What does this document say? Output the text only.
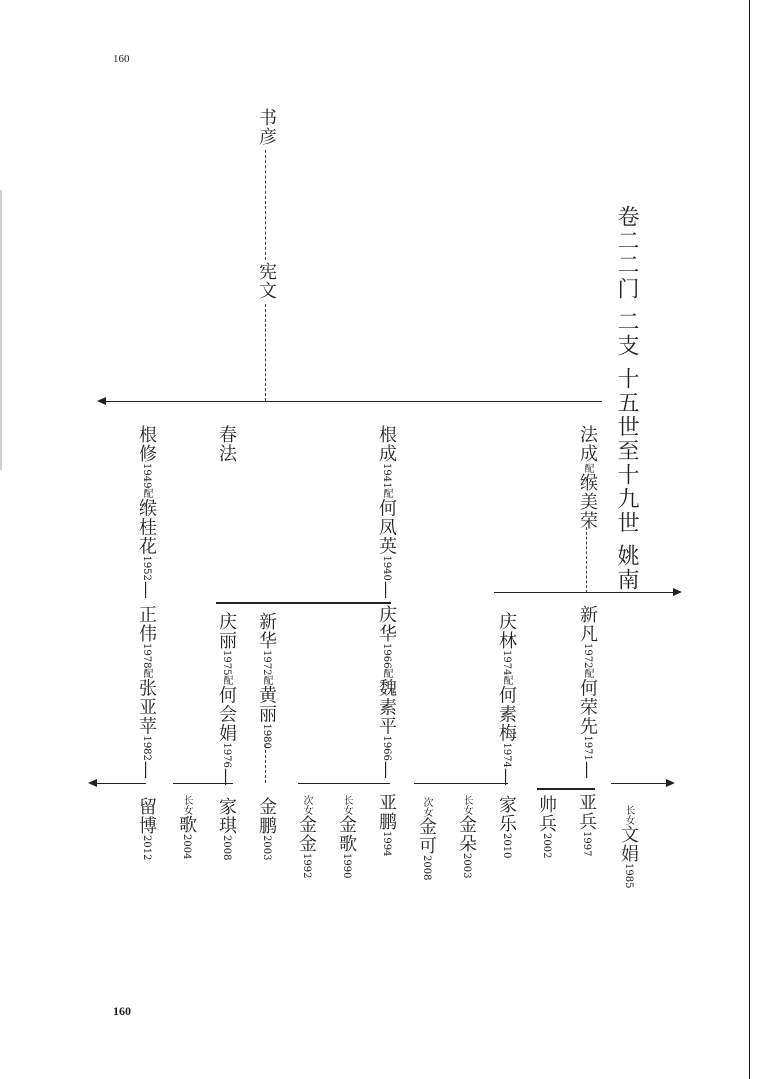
160
160
卷二二门 二支 十五世至十九世 姚南
书彦
宪文
根修1949配缑桂花1952—
春法	根成1941配何凤英1940—
法成配缑美荣
正伟1978配张亚苹1982—
庆丽1975配何会娟1976—
新华1972配黄丽1980
庆华1966配魏素平1966—
庆林1974配何素梅1974—
新凡1972配何荣先1971—
留博2012
长女歌2004
家琪2008
金鹏2003
次女金金1992
长女金歌1990
亚鹏1994
次女金可2008
长女金朵2003
家乐2010
帅兵2002
亚兵1997
长女文娟1985
